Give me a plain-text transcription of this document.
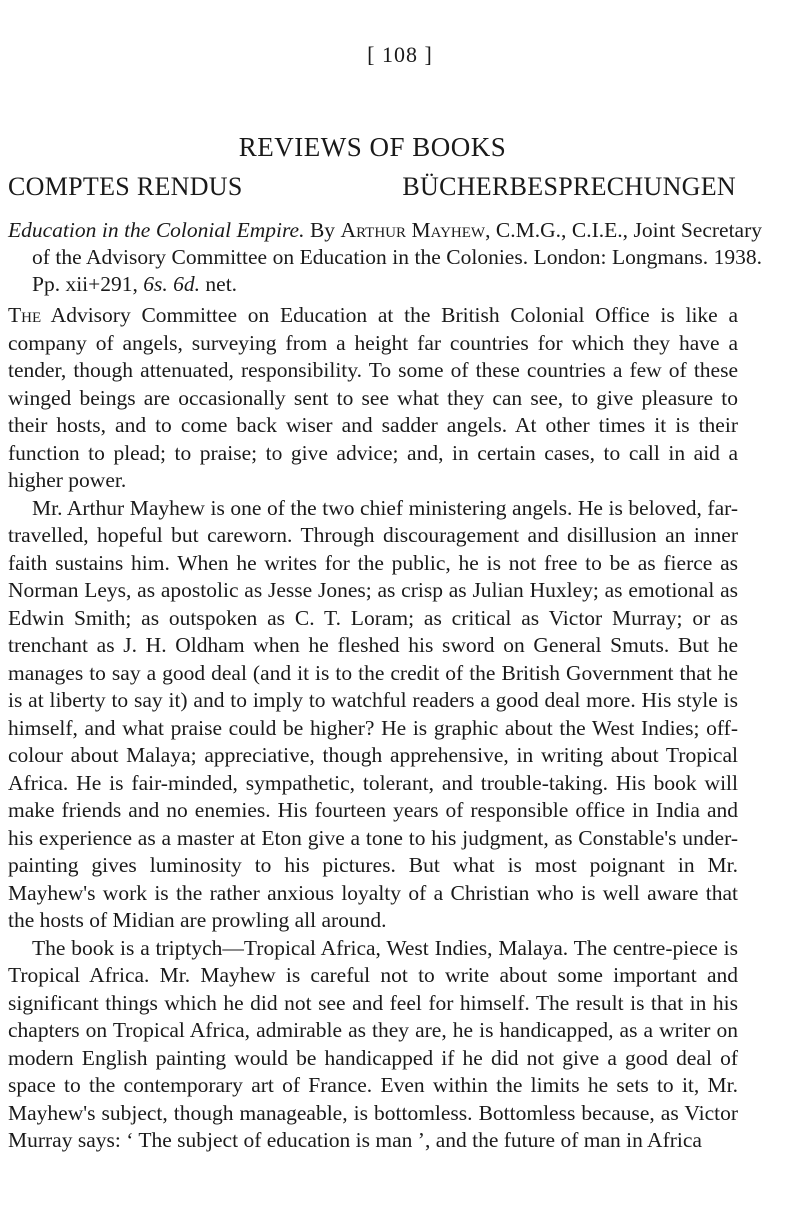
[ 108 ]
REVIEWS OF BOOKS
COMPTES RENDUS	BÜCHERBESPRECHUNGEN
Education in the Colonial Empire. By Arthur Mayhew, C.M.G., C.I.E., Joint Secretary of the Advisory Committee on Education in the Colonies. London: Longmans. 1938. Pp. xii+291, 6s. 6d. net.

The Advisory Committee on Education at the British Colonial Office is like a company of angels, surveying from a height far countries for which they have a tender, though attenuated, responsibility. To some of these countries a few of these winged beings are occasionally sent to see what they can see, to give pleasure to their hosts, and to come back wiser and sadder angels. At other times it is their function to plead; to praise; to give advice; and, in certain cases, to call in aid a higher power.

Mr. Arthur Mayhew is one of the two chief ministering angels. He is beloved, far-travelled, hopeful but careworn. Through discouragement and disillusion an inner faith sustains him. When he writes for the public, he is not free to be as fierce as Norman Leys, as apostolic as Jesse Jones; as crisp as Julian Huxley; as emotional as Edwin Smith; as outspoken as C. T. Loram; as critical as Victor Murray; or as trenchant as J. H. Oldham when he fleshed his sword on General Smuts. But he manages to say a good deal (and it is to the credit of the British Government that he is at liberty to say it) and to imply to watchful readers a good deal more. His style is himself, and what praise could be higher? He is graphic about the West Indies; off-colour about Malaya; appreciative, though apprehensive, in writing about Tropical Africa. He is fair-minded, sympathetic, tolerant, and trouble-taking. His book will make friends and no enemies. His fourteen years of responsible office in India and his experience as a master at Eton give a tone to his judgment, as Constable's under-painting gives luminosity to his pictures. But what is most poignant in Mr. Mayhew's work is the rather anxious loyalty of a Christian who is well aware that the hosts of Midian are prowling all around.

The book is a triptych—Tropical Africa, West Indies, Malaya. The centre-piece is Tropical Africa. Mr. Mayhew is careful not to write about some important and significant things which he did not see and feel for himself. The result is that in his chapters on Tropical Africa, admirable as they are, he is handicapped, as a writer on modern English painting would be handicapped if he did not give a good deal of space to the contemporary art of France. Even within the limits he sets to it, Mr. Mayhew's subject, though manageable, is bottomless. Bottomless because, as Victor Murray says: ‘ The subject of education is man ’, and the future of man in Africa
